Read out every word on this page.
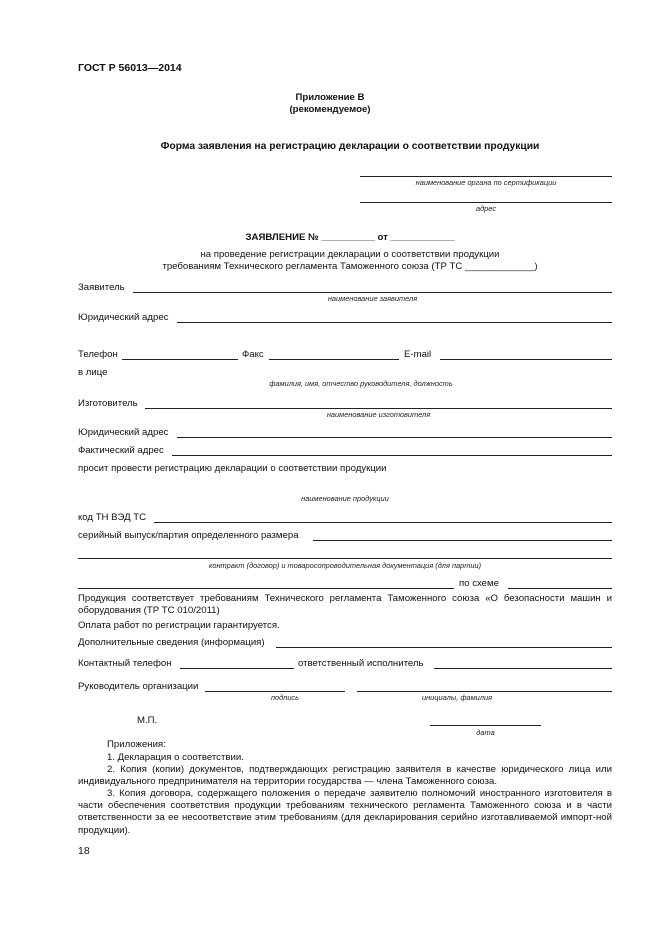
ГОСТ Р 56013—2014
Приложение В
(рекомендуемое)
Форма заявления на регистрацию декларации о соответствии продукции
наименование органа по сертификации
адрес
ЗАЯВЛЕНИЕ № __________ от ____________
на проведение регистрации декларации о соответствии продукции
требованиям Технического регламента Таможенного союза (ТР ТС _____________)
Заявитель
наименование заявителя
Юридический адрес
Телефон	Факс	E-mail
в лице
фамилия, имя, отчество руководителя, должность
Изготовитель
наименование изготовителя
Юридический адрес
Фактический адрес
просит провести регистрацию декларации о соответствии продукции
наименование продукции
код ТН ВЭД ТС
серийный выпуск/партия определенного размера
контракт (договор) и товаросопроводительная документация (для партии)
по схеме
Продукция соответствует требованиям Технического регламента Таможенного союза «О безопасности машин и оборудования (ТР ТС 010/2011)
Оплата работ по регистрации гарантируется.
Дополнительные сведения (информация)
Контактный телефон	ответственный исполнитель
Руководитель организации
подпись	инициалы, фамилия
М.П.
дата
Приложения:
1. Декларация о соответствии.
2. Копия (копии) документов, подтверждающих регистрацию заявителя в качестве юридического лица или индивидуального предпринимателя на территории государства — члена Таможенного союза.
3. Копия договора, содержащего положения о передаче заявителю полномочий иностранного изготовителя в части обеспечения соответствия продукции требованиям технического регламента Таможенного союза и в части ответственности за ее несоответствие этим требованиям (для декларирования серийно изготавливаемой импорт-ной продукции).
18
